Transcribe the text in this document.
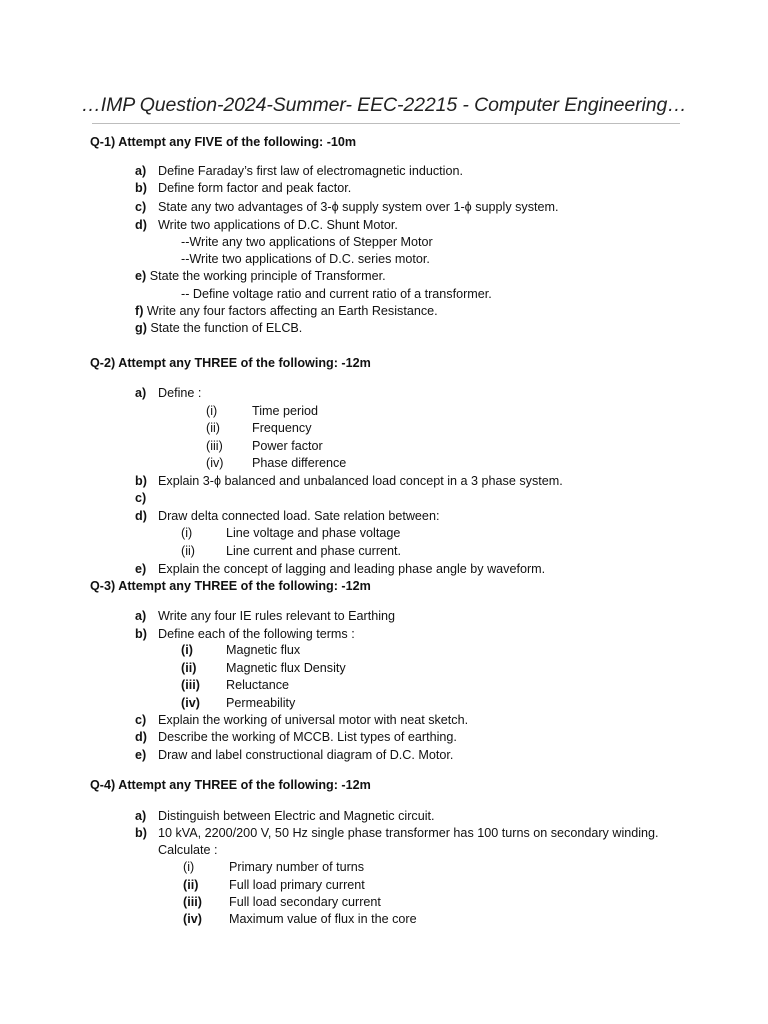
…IMP Question-2024-Summer- EEC-22215 - Computer Engineering…
Q-1) Attempt any FIVE of the following: -10m
a) Define Faraday’s first law of electromagnetic induction.
b) Define form factor and peak factor.
c) State any two advantages of 3-ϕ supply system over 1-ϕ supply system.
d) Write two applications of D.C. Shunt Motor.
--Write any two applications of Stepper Motor
--Write two applications of D.C. series motor.
e) State the working principle of Transformer.
-- Define voltage ratio and current ratio of a transformer.
f) Write any four factors affecting an Earth Resistance.
g) State the function of ELCB.
Q-2) Attempt any THREE of the following: -12m
a) Define :
(i)	Time period
(ii)	Frequency
(iii) Power factor
(iv) Phase difference
b) Explain 3-ϕ balanced and unbalanced load concept in a 3 phase system.
c)
d) Draw delta connected load. Sate relation between:
(i)	Line voltage and phase voltage
(ii) Line current and phase current.
e) Explain the concept of lagging and leading phase angle by waveform.
Q-3) Attempt any THREE of the following: -12m
a) Write any four IE rules relevant to Earthing
b) Define each of the following terms :
(i)	Magnetic flux
(ii) Magnetic flux Density
(iii) Reluctance
(iv) Permeability
c) Explain the working of universal motor with neat sketch.
d) Describe the working of MCCB. List types of earthing.
e) Draw and label constructional diagram of D.C. Motor.
Q-4) Attempt any THREE of the following: -12m
a) Distinguish between Electric and Magnetic circuit.
b) 10 kVA, 2200/200 V, 50 Hz single phase transformer has 100 turns on secondary winding.
Calculate :
(i)	Primary number of turns
(ii) Full load primary current
(iii) Full load secondary current
(iv) Maximum value of flux in the core
